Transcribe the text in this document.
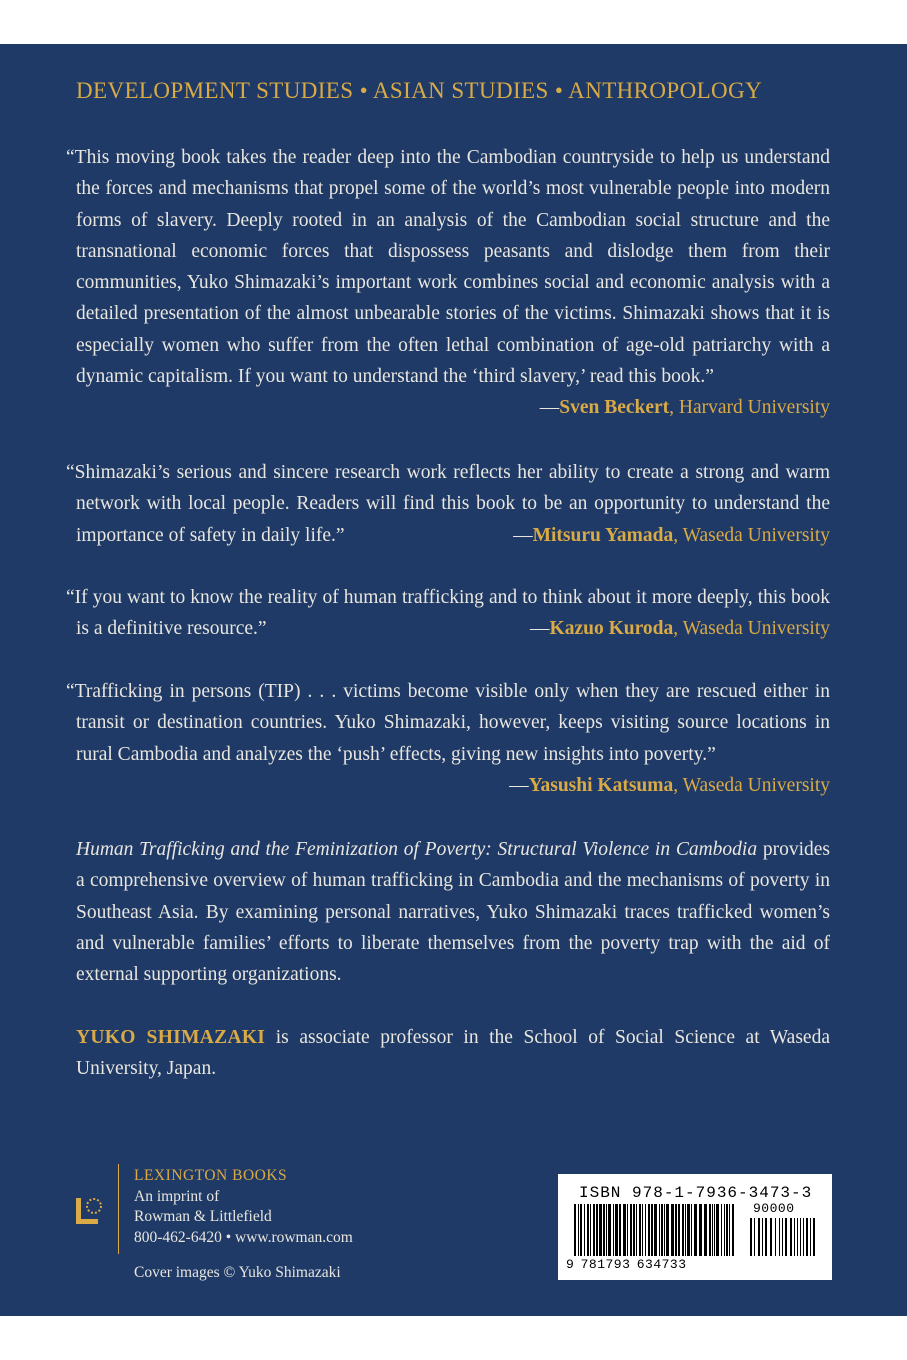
DEVELOPMENT STUDIES • ASIAN STUDIES • ANTHROPOLOGY
“This moving book takes the reader deep into the Cambodian countryside to help us understand the forces and mechanisms that propel some of the world’s most vulnerable people into modern forms of slavery. Deeply rooted in an analysis of the Cambodian social structure and the transnational economic forces that dispossess peasants and dislodge them from their communities, Yuko Shimazaki’s important work combines social and economic analysis with a detailed presentation of the almost unbearable stories of the victims. Shimazaki shows that it is especially women who suffer from the often lethal combination of age-old patriarchy with a dynamic capitalism. If you want to understand the ‘third slavery,’ read this book.”
—Sven Beckert, Harvard University
“Shimazaki’s serious and sincere research work reflects her ability to create a strong and warm network with local people. Readers will find this book to be an opportunity to understand the importance of safety in daily life.”	—Mitsuru Yamada, Waseda University
“If you want to know the reality of human trafficking and to think about it more deeply, this book is a definitive resource.”	—Kazuo Kuroda, Waseda University
“Trafficking in persons (TIP) . . . victims become visible only when they are rescued either in transit or destination countries. Yuko Shimazaki, however, keeps visiting source locations in rural Cambodia and analyzes the ‘push’ effects, giving new insights into poverty.”
—Yasushi Katsuma, Waseda University
Human Trafficking and the Feminization of Poverty: Structural Violence in Cambodia provides a comprehensive overview of human trafficking in Cambodia and the mechanisms of poverty in Southeast Asia. By examining personal narratives, Yuko Shimazaki traces trafficked women’s and vulnerable families’ efforts to liberate themselves from the poverty trap with the aid of external supporting organizations.
YUKO SHIMAZAKI is associate professor in the School of Social Science at Waseda University, Japan.
LEXINGTON BOOKS
An imprint of
Rowman & Littlefield
800-462-6420 • www.rowman.com
Cover images © Yuko Shimazaki
ISBN 978-1-7936-3473-3
90000
9 781793 634733
